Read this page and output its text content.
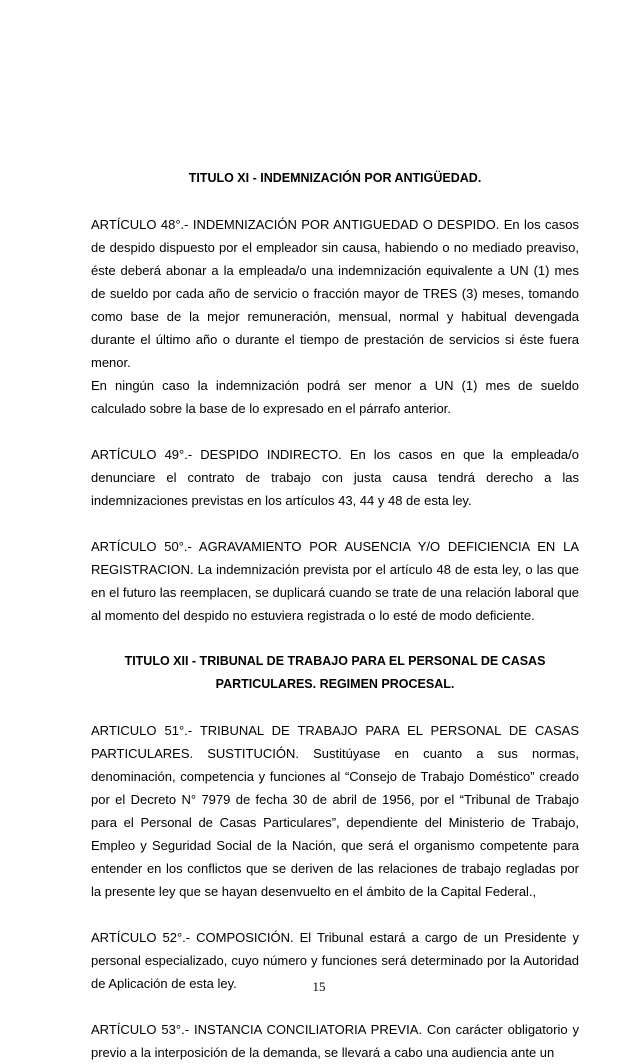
TITULO XI - INDEMNIZACIÓN POR ANTIGÜEDAD.

ARTÍCULO 48°.- INDEMNIZACIÓN POR ANTIGUEDAD O DESPIDO. En los casos de despido dispuesto por el empleador sin causa, habiendo o no mediado preaviso, éste deberá abonar a la empleada/o una indemnización equivalente a UN (1) mes de sueldo por cada año de servicio o fracción mayor de TRES (3) meses, tomando como base de la mejor remuneración, mensual, normal y habitual devengada durante el último año o durante el tiempo de prestación de servicios si éste fuera menor.

En ningún caso la indemnización podrá ser menor a UN (1) mes de sueldo calculado sobre la base de lo expresado en el párrafo anterior.

ARTÍCULO 49°.- DESPIDO INDIRECTO. En los casos en que la empleada/o denunciare el contrato de trabajo con justa causa tendrá derecho a las indemnizaciones previstas en los artículos 43, 44 y 48 de esta ley.

ARTÍCULO 50°.- AGRAVAMIENTO POR AUSENCIA Y/O DEFICIENCIA EN LA REGISTRACION. La indemnización prevista por el artículo 48 de esta ley, o las que en el futuro las reemplacen, se duplicará cuando se trate de una relación laboral que al momento del despido no estuviera registrada o lo esté de modo deficiente.

TITULO XII - TRIBUNAL DE TRABAJO PARA EL PERSONAL DE CASAS

PARTICULARES. REGIMEN PROCESAL.

ARTICULO 51°.- TRIBUNAL DE TRABAJO PARA EL PERSONAL DE CASAS PARTICULARES. SUSTITUCIÓN. Sustitúyase en cuanto a sus normas, denominación, competencia y funciones al “Consejo de Trabajo Doméstico” creado por el Decreto N° 7979 de fecha 30 de abril de 1956, por el “Tribunal de Trabajo para el Personal de Casas Particulares”, dependiente del Ministerio de Trabajo, Empleo y Seguridad Social de la Nación, que será el organismo competente para entender en los conflictos que se deriven de las relaciones de trabajo regladas por la presente ley que se hayan desenvuelto en el ámbito de la Capital Federal.,

ARTÍCULO 52°.- COMPOSICIÓN. El Tribunal estará a cargo de un Presidente y personal especializado, cuyo número y funciones será determinado por la Autoridad de Aplicación de esta ley.

ARTÍCULO 53°.- INSTANCIA CONCILIATORIA PREVIA. Con carácter obligatorio y previo a la interposición de la demanda, se llevará a cabo una audiencia ante un

15
